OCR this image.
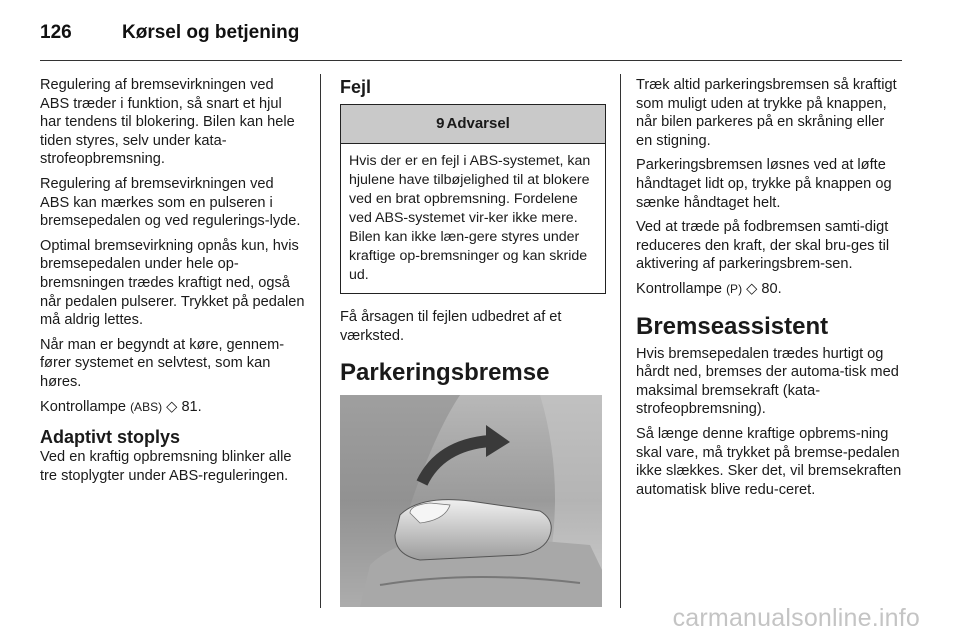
126	Kørsel og betjening

Regulering af bremsevirkningen ved ABS træder i funktion, så snart et hjul har tendens til blokering. Bilen kan hele tiden styres, selv under kata-strofeopbremsning.

Regulering af bremsevirkningen ved ABS kan mærkes som en pulseren i bremsepedalen og ved regulerings-lyde.

Optimal bremsevirkning opnås kun, hvis bremsepedalen under hele op-bremsningen trædes kraftigt ned, også når pedalen pulserer. Trykket på pedalen må aldrig lettes.

Når man er begyndt at køre, gennem-fører systemet en selvtest, som kan høres.

Kontrollampe (ABS) ◇ 81.

Adaptivt stoplys

Ved en kraftig opbremsning blinker alle tre stoplygter under ABS-reguleringen.

Fejl
9 Advarsel
Hvis der er en fejl i ABS-systemet, kan hjulene have tilbøjelighed til at blokere ved en brat opbremsning. Fordelene ved ABS-systemet vir-ker ikke mere. Bilen kan ikke læn-gere styres under kraftige op-bremsninger og kan skride ud.

Få årsagen til fejlen udbedret af et værksted.

Parkeringsbremse

Træk altid parkeringsbremsen så kraftigt som muligt uden at trykke på knappen, når bilen parkeres på en skråning eller en stigning.

Parkeringsbremsen løsnes ved at løfte håndtaget lidt op, trykke på knappen og sænke håndtaget helt.

Ved at træde på fodbremsen samti-digt reduceres den kraft, der skal bru-ges til aktivering af parkeringsbrem-sen.

Kontrollampe (P) ◇ 80.

Bremseassistent

Hvis bremsepedalen trædes hurtigt og hårdt ned, bremses der automa-tisk med maksimal bremsekraft (kata-strofeopbremsning).

Så længe denne kraftige opbrems-ning skal vare, må trykket på bremse-pedalen ikke slækkes. Sker det, vil bremsekraften automatisk blive redu-ceret.

carmanualsonline.info
